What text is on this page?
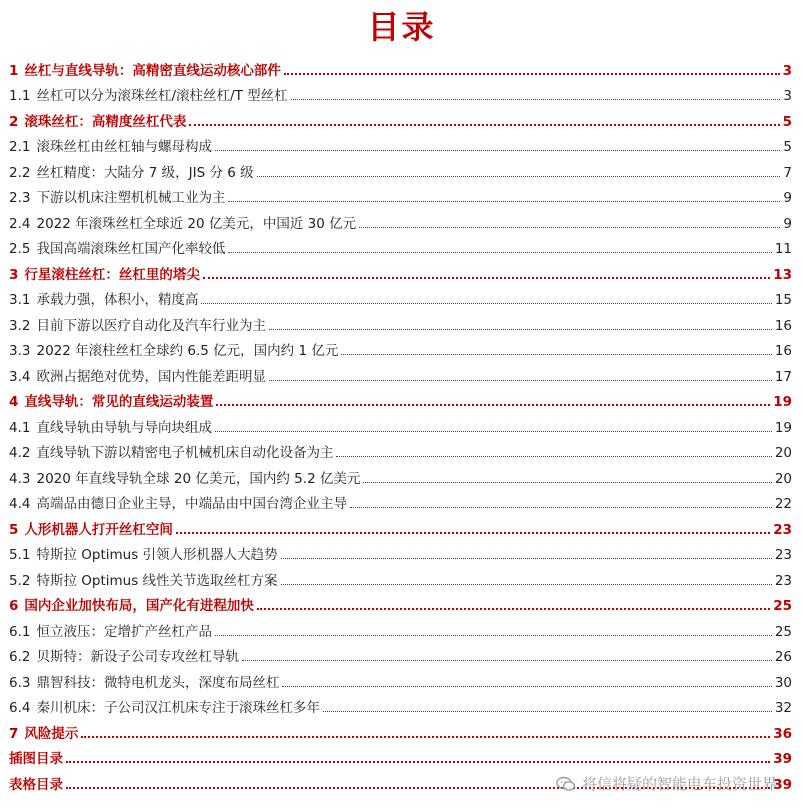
目录
1 丝杠与直线导轨：高精密直线运动核心部件	3
1.1 丝杠可以分为滚珠丝杠/滚柱丝杠/T 型丝杠	3
2 滚珠丝杠：高精度丝杠代表	5
2.1 滚珠丝杠由丝杠轴与螺母构成	5
2.2 丝杠精度：大陆分 7 级，JIS 分 6 级	7
2.3 下游以机床注塑机机械工业为主	9
2.4 2022 年滚珠丝杠全球近 20 亿美元，中国近 30 亿元	9
2.5 我国高端滚珠丝杠国产化率较低	11
3 行星滚柱丝杠：丝杠里的塔尖	13
3.1 承载力强，体积小，精度高	15
3.2 目前下游以医疗自动化及汽车行业为主	16
3.3 2022 年滚柱丝杠全球约 6.5 亿元，国内约 1 亿元	16
3.4 欧洲占据绝对优势，国内性能差距明显	17
4 直线导轨：常见的直线运动装置	19
4.1 直线导轨由导轨与导向块组成	19
4.2 直线导轨下游以精密电子机械机床自动化设备为主	20
4.3 2020 年直线导轨全球 20 亿美元，国内约 5.2 亿美元	20
4.4 高端品由德日企业主导，中端品由中国台湾企业主导	22
5 人形机器人打开丝杠空间	23
5.1 特斯拉 Optimus 引领人形机器人大趋势	23
5.2 特斯拉 Optimus 线性关节选取丝杠方案	23
6 国内企业加快布局，国产化有进程加快	25
6.1 恒立液压：定增扩产丝杠产品	25
6.2 贝斯特：新设子公司专攻丝杠导轨	26
6.3 鼎智科技：微特电机龙头，深度布局丝杠	30
6.4 秦川机床：子公司汉江机床专注于滚珠丝杠多年	32
7 风险提示	36
插图目录	39
表格目录	39
将信将疑的智能电车投资世界
